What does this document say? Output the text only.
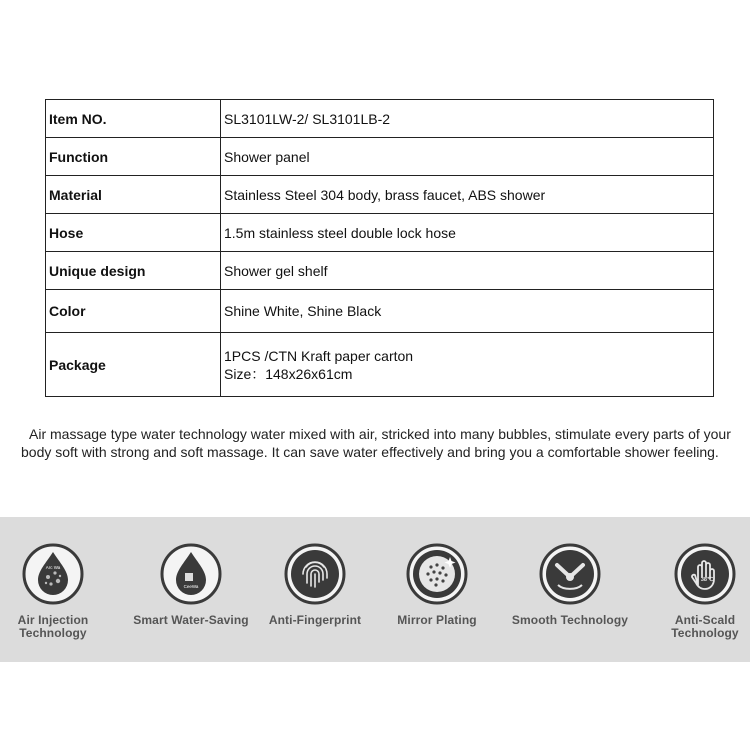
Item NO.	SL3101LW-2/ SL3101LB-2
Function	Shower panel
Material	Stainless Steel 304 body, brass faucet, ABS shower
Hose	1.5m stainless steel double lock hose
Unique design	Shower gel shelf
Color	Shine White, Shine Black
Package	1PCS /CTN Kraft paper carton
Size：148x26x61cm

Air massage type water technology water mixed with air, stricked into many bubbles, stimulate every parts of your body soft with strong and soft massage. It can save water effectively and bring you a comfortable shower feeling.

Arc Wa
Air Injection
Technology
CeeWa
Smart Water-Saving	Anti-Fingerprint	Mirror Plating	Smooth Technology
38℃
Anti-Scald
Technology
